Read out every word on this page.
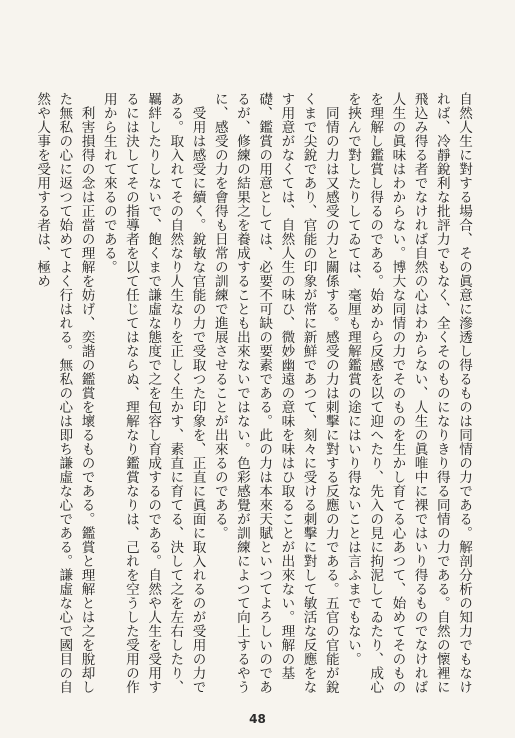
自然人生に對する場合、その眞意に滲透し得るものは同情の力である。解剖分析の知力でもなければ、冷靜銳利な批評力でもなく、全くそのものになりきり得る同情の力である。自然の懷裡に飛込み得る者でなければ自然の心はわからない、人生の眞唯中に裸ではいり得るものでなければ人生の眞味はわからない。博大な同情の力でそのものを生かし育てる心あつて、始めてそのものを理解し鑑賞し得るのである。始めから反感を以て迎へたり、先入の見に拘泥してゐたり、成心を挾んで對したりしてゐては、毫厘も理解鑑賞の途にはいり得ないことは言ふまでもない。

同情の力は又感受の力と關係する。感受の力は刺擊に對する反應の力である。五官の官能が銳くまで尖銳であり、官能の印象が常に新鮮であつて、刻々に受ける刺擊に對して敏活な反應をなす用意がなくては、自然人生の味ひ、微妙幽遠の意味を味はひ取ることが出來ない。理解の基礎、鑑賞の用意としては、必要不可缺の要素である。此の力は本來天賦といつてよろしいのであるが、修練の結果之を養成することも出來ないではない。色彩感覺が訓練によつて向上するやうに、感受の力を會得も日常の訓練で進展させることが出來るのである。

受用は感受に續く。銳敏な官能の力で受取つた印象を、正直に眞面に取入れるのが受用の力である。取入れてその自然なり人生なりを正しく生かす、素直に育てる、決して之を左右したり、羈絆したりしないで、飽くまで謙虛な態度で之を包容し育成するのである。自然や人生を受用するには決してその指導者を以て任じてはならぬ、理解なり鑑賞なりは、己れを空うした受用の作用から生れて來るのである。

利害損得の念は正當の理解を妨げ、奕諧の鑑賞を壞るものである。鑑賞と理解とは之を脫却した無私の心に返つて始めてよく行はれる。無私の心は即ち謙虛な心である。謙虛な心で國目の自然や人事を受用する者は、極め

48
